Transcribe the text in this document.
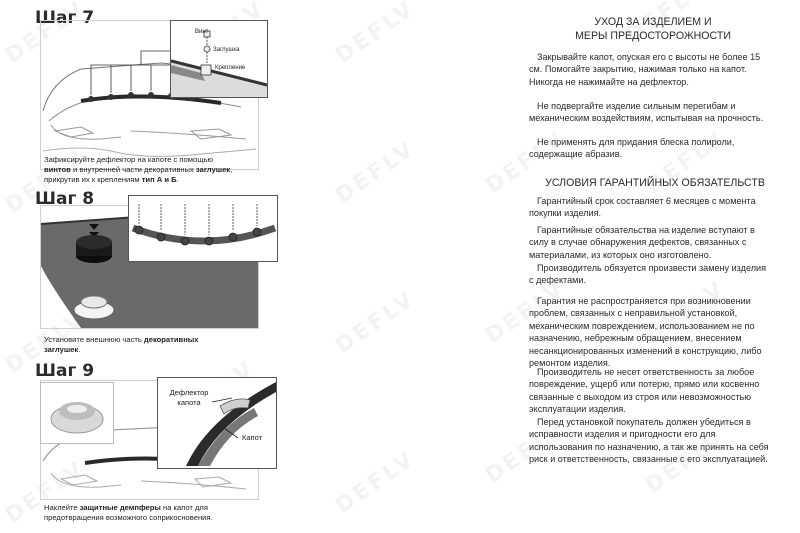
Шаг 7
Винт
Заглушка
Крепление
Зафиксируйте дефлектор на капоте с помощью
винтов и внутренней части декоративных заглушек,
прикрутив их к креплениям тип А и Б.
Шаг 8
Установите внешнюю часть декоративных
заглушек.
Шаг 9
Дефлектор
капота
Капот
Наклейте защитные демпферы на капот для
предотвращения возможного соприкосновения.
УХОД ЗА ИЗДЕЛИЕМ И
МЕРЫ ПРЕДОСТОРОЖНОСТИ

Закрывайте капот, опуская его с высоты не более 15 см. Помогайте закрытию, нажимая только на капот. Никогда не нажимайте на дефлектор.

Не подвергайте изделие сильным перегибам и механическим воздействиям, испытывая на прочность.

Не применять для придания блеска полироли, содержащие абразив.

УСЛОВИЯ ГАРАНТИЙНЫХ ОБЯЗАТЕЛЬСТВ

Гарантийный срок составляет 6 месяцев с момента покупки изделия.

Гарантийные обязательства на изделие вступают в силу в случае обнаружения дефектов, связанных с материалами, из которых оно изготовлено.

Производитель обязуется произвести замену изделия с дефектами.

Гарантия не распространяется при возникновении проблем, связанных с неправильной установкой, механическим повреждением, использованием не по назначению, небрежным обращением, внесением несанкционированных изменений в конструкцию, либо ремонтом изделия.

Производитель не несет ответственность за любое повреждение, ущерб или потерю, прямо или косвенно связанные с выходом из строя или невозможностью эксплуатации изделия.

Перед установкой покупатель должен убедиться в исправности изделия и пригодности его для использования по назначению, а так же принять на себя риск и ответственность, связанные с его эксплуатацией.
